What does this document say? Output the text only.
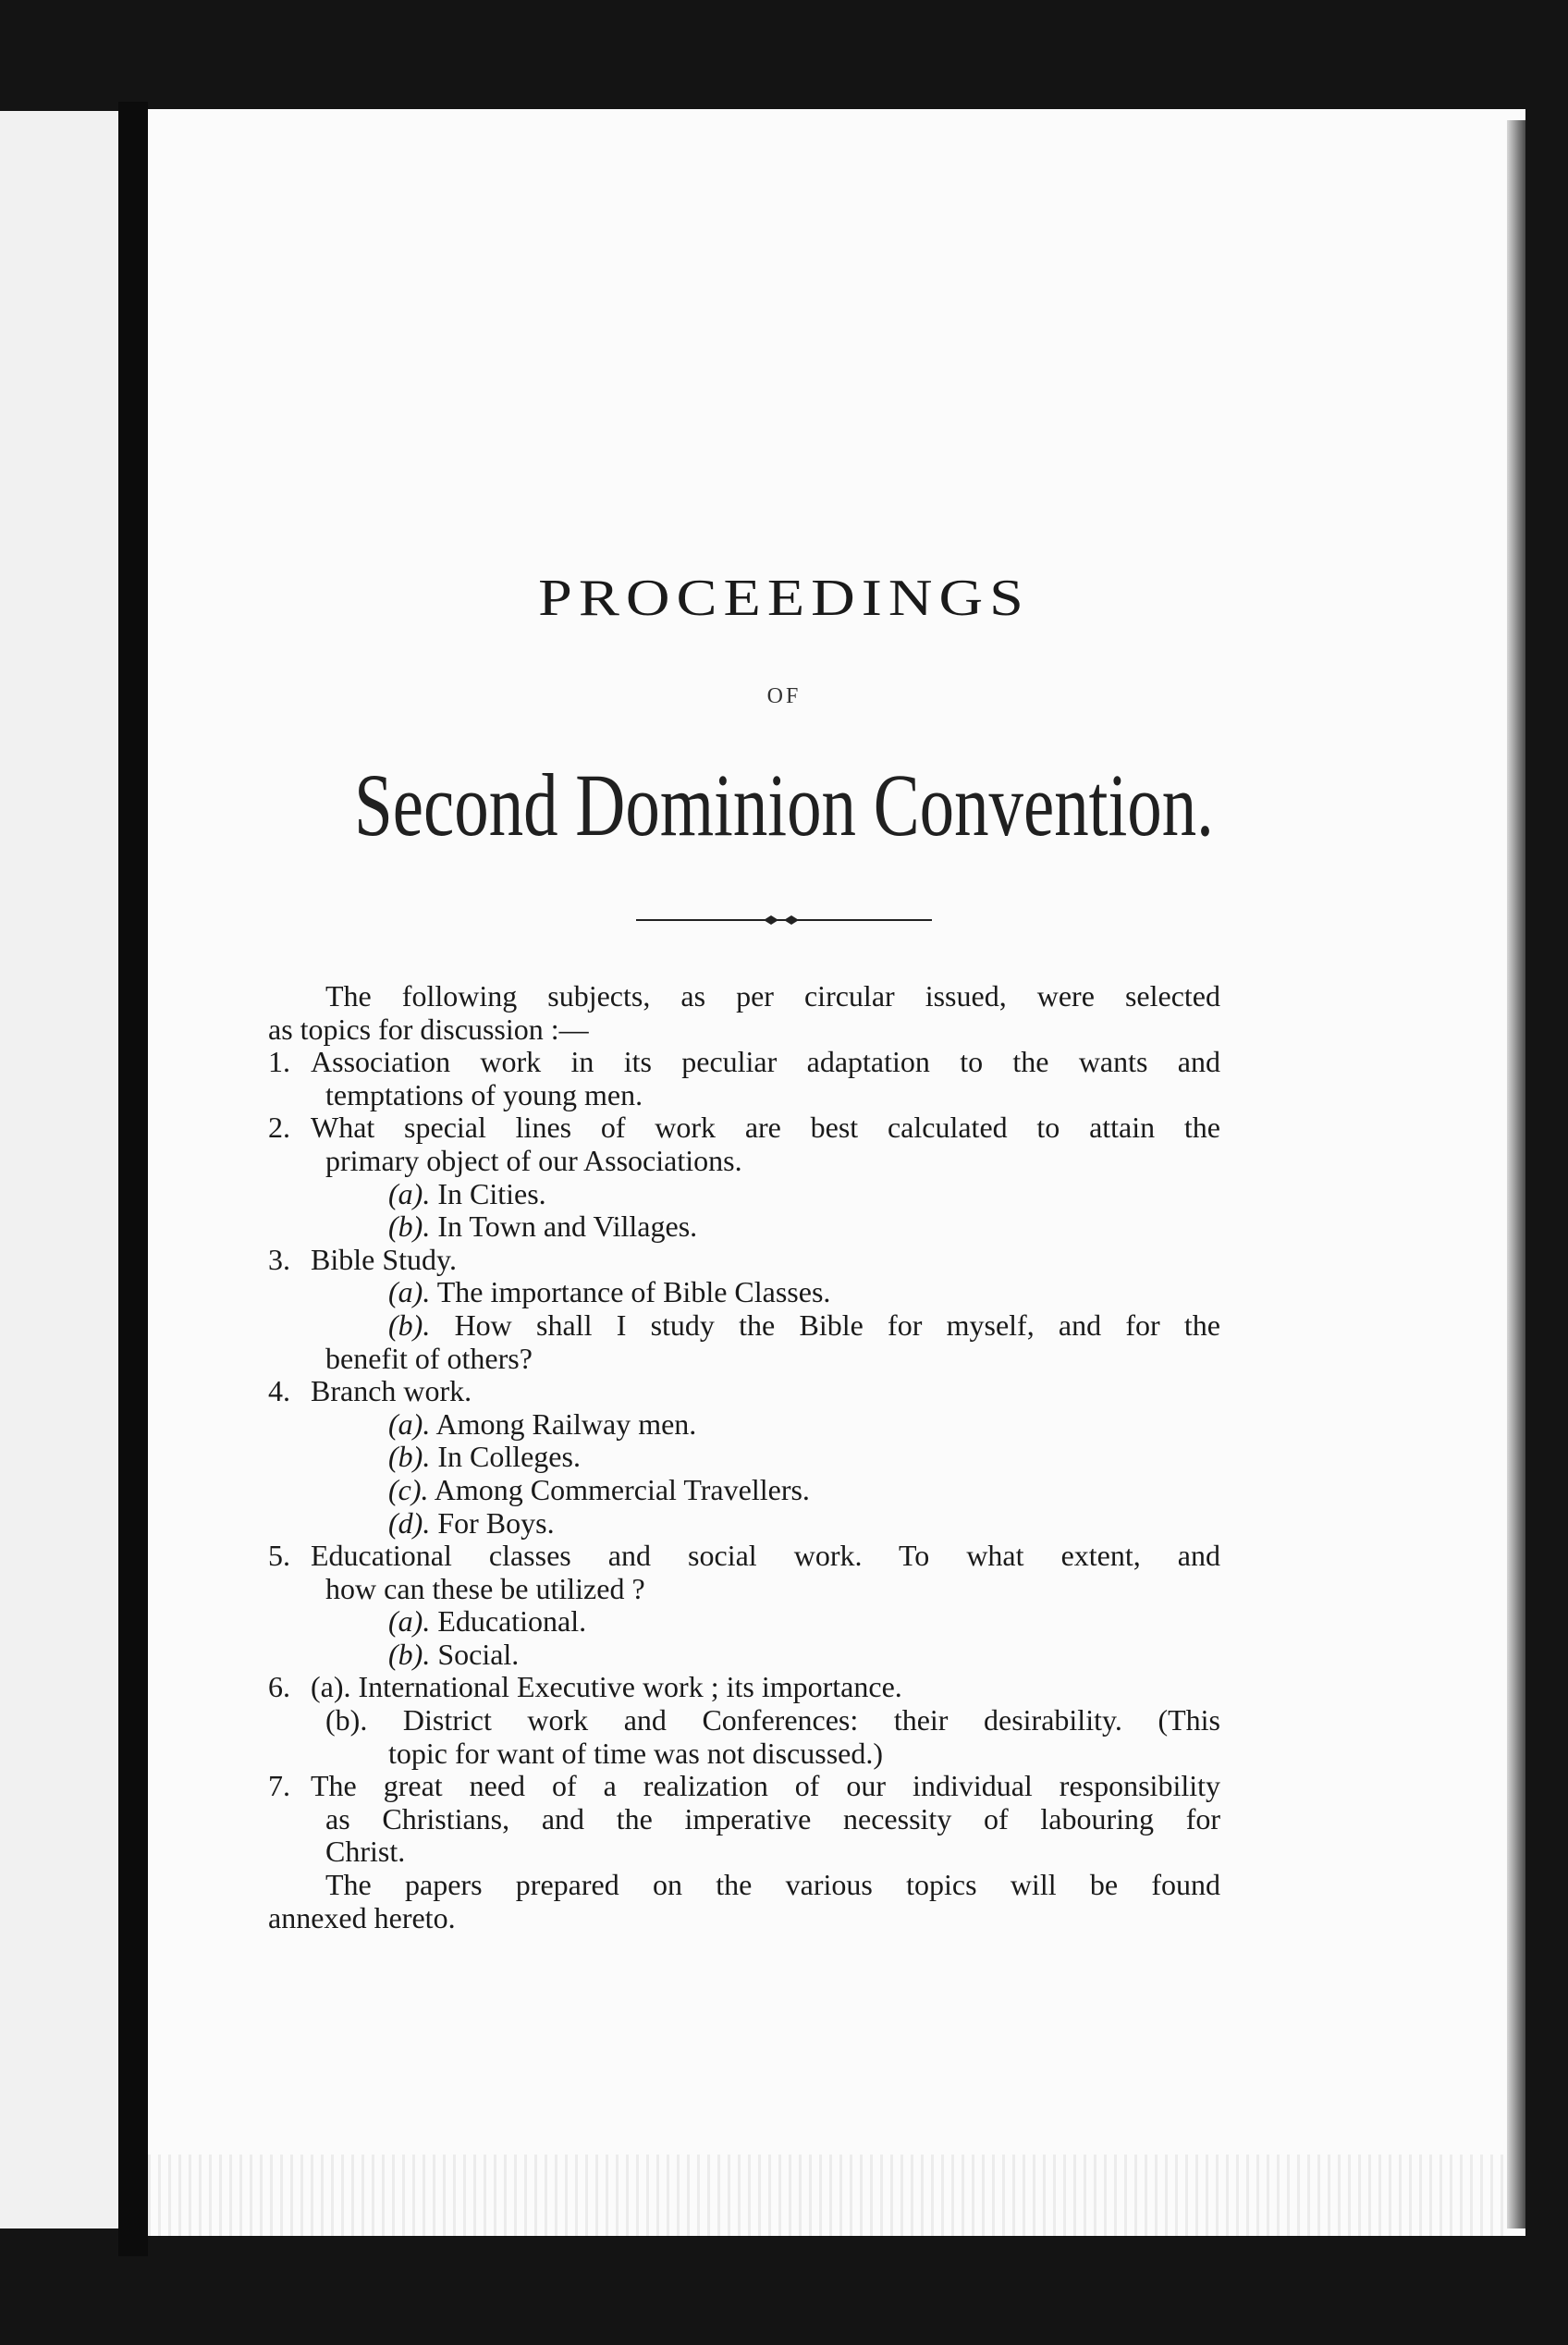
PROCEEDINGS
OF
Second Dominion Convention.
The following subjects, as per circular issued, were selected
as topics for discussion :—
1. Association work in its peculiar adaptation to the wants and
temptations of young men.
2. What special lines of work are best calculated to attain the
primary object of our Associations.
(a). In Cities.
(b). In Town and Villages.
3. Bible Study.
(a). The importance of Bible Classes.
(b). How shall I study the Bible for myself, and for the
benefit of others?
4. Branch work.
(a). Among Railway men.
(b). In Colleges.
(c). Among Commercial Travellers.
(d). For Boys.
5. Educational classes and social work. To what extent, and
how can these be utilized ?
(a). Educational.
(b). Social.
6. (a). International Executive work ; its importance.
(b). District work and Conferences: their desirability. (This
topic for want of time was not discussed.)
7. The great need of a realization of our individual responsibility
as Christians, and the imperative necessity of labouring for
Christ.
The papers prepared on the various topics will be found
annexed hereto.
